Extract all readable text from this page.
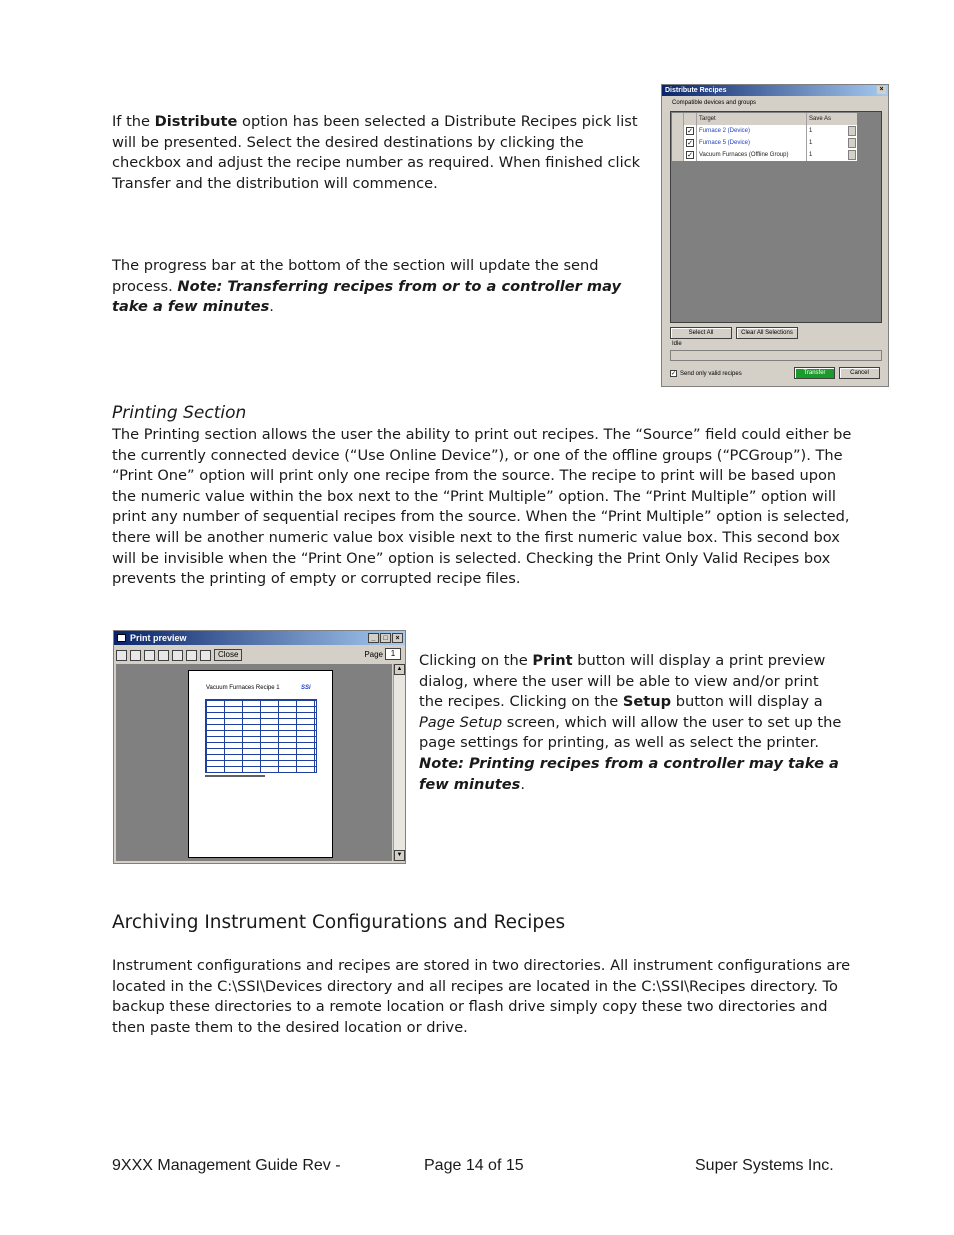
If the Distribute option has been selected a Distribute Recipes pick list will be presented. Select the desired destinations by clicking the checkbox and adjust the recipe number as required. When finished click Transfer and the distribution will commence.

The progress bar at the bottom of the section will update the send process. Note: Transferring recipes from or to a controller may take a few minutes.

Distribute Recipes	×
Compatible devices and groups
Target	Save As
✓	Furnace 2 (Device)	1
✓	Furnace 5 (Device)	1
✓	Vacuum Furnaces (Offline Group)	1
Select All	Clear All Selections
Idle
✓ Send only valid recipes	Transfer	Cancel
Printing Section

The Printing section allows the user the ability to print out recipes. The “Source” field could either be the currently connected device (“Use Online Device”), or one of the offline groups (“PCGroup”). The “Print One” option will print only one recipe from the source. The recipe to print will be based upon the numeric value within the box next to the “Print Multiple” option. The “Print Multiple” option will print any number of sequential recipes from the source. When the “Print Multiple” option is selected, there will be another numeric value box visible next to the first numeric value box. This second box will be invisible when the “Print One” option is selected. Checking the Print Only Valid Recipes box prevents the printing of empty or corrupted recipe files.

Print preview	_	□	×
Close	Page 1
Vacuum Furnaces Recipe 1	SSi
▲
▼

Clicking on the Print button will display a print preview dialog, where the user will be able to view and/or print the recipes. Clicking on the Setup button will display a Page Setup screen, which will allow the user to set up the page settings for printing, as well as select the printer. Note: Printing recipes from a controller may take a few minutes.

Archiving Instrument Configurations and Recipes

Instrument configurations and recipes are stored in two directories. All instrument configurations are located in the C:\SSI\Devices directory and all recipes are located in the C:\SSI\Recipes directory. To backup these directories to a remote location or flash drive simply copy these two directories and then paste them to the desired location or drive.

9XXX Management Guide Rev -	Page 14 of 15	Super Systems Inc.
